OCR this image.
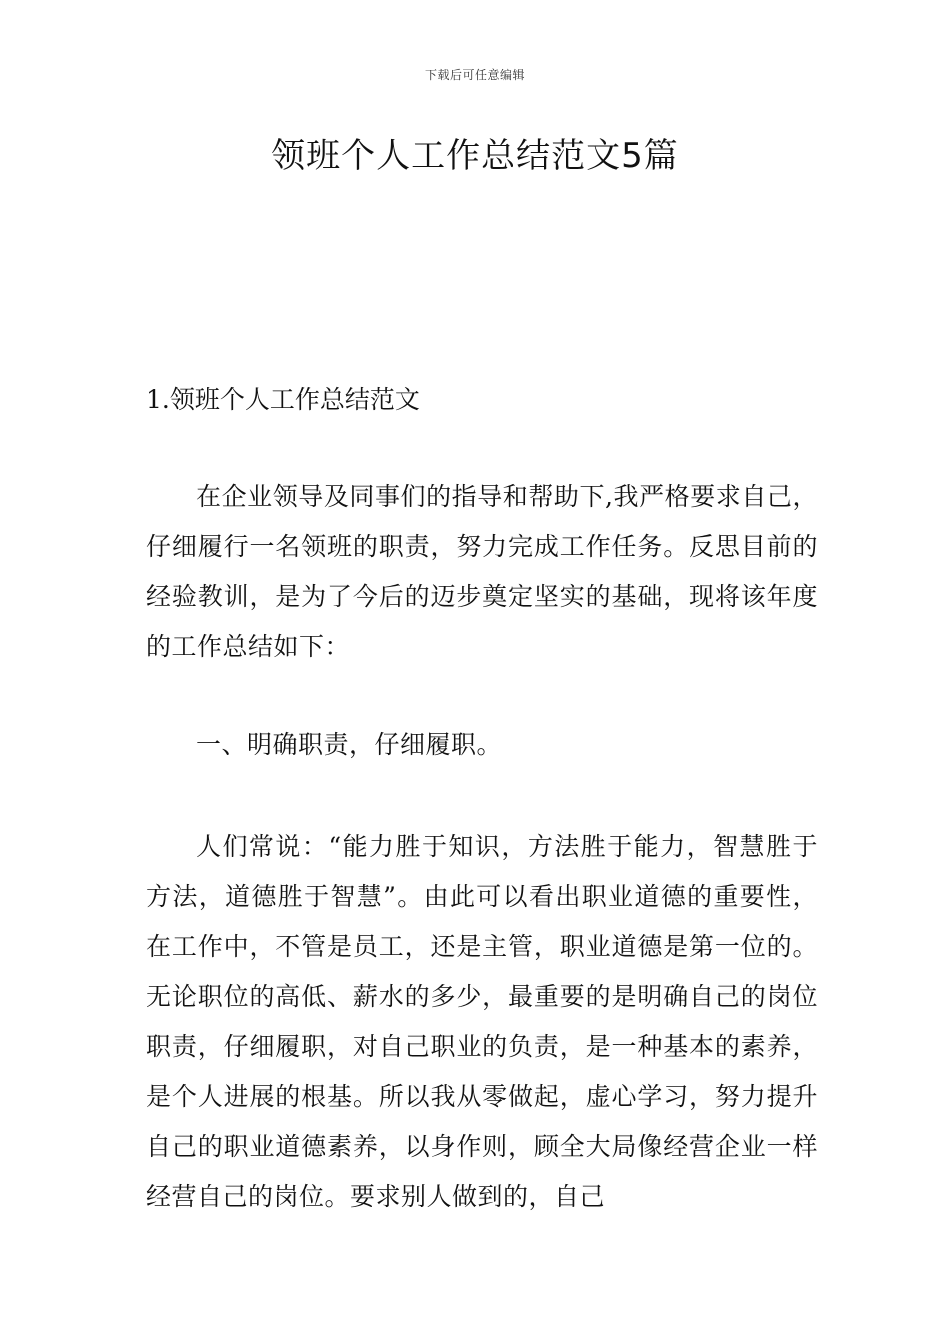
下载后可任意编辑
领班个人工作总结范文5篇
1.领班个人工作总结范文

在企业领导及同事们的指导和帮助下,我严格要求自己，仔细履行一名领班的职责，努力完成工作任务。反思目前的经验教训，是为了今后的迈步奠定坚实的基础，现将该年度的工作总结如下：

一、明确职责，仔细履职。

人们常说：“能力胜于知识，方法胜于能力，智慧胜于方法，道德胜于智慧”。由此可以看出职业道德的重要性，在工作中，不管是员工，还是主管，职业道德是第一位的。无论职位的高低、薪水的多少，最重要的是明确自己的岗位职责，仔细履职，对自己职业的负责，是一种基本的素养，是个人进展的根基。所以我从零做起，虚心学习，努力提升自己的职业道德素养，以身作则，顾全大局像经营企业一样经营自己的岗位。要求别人做到的，自己
